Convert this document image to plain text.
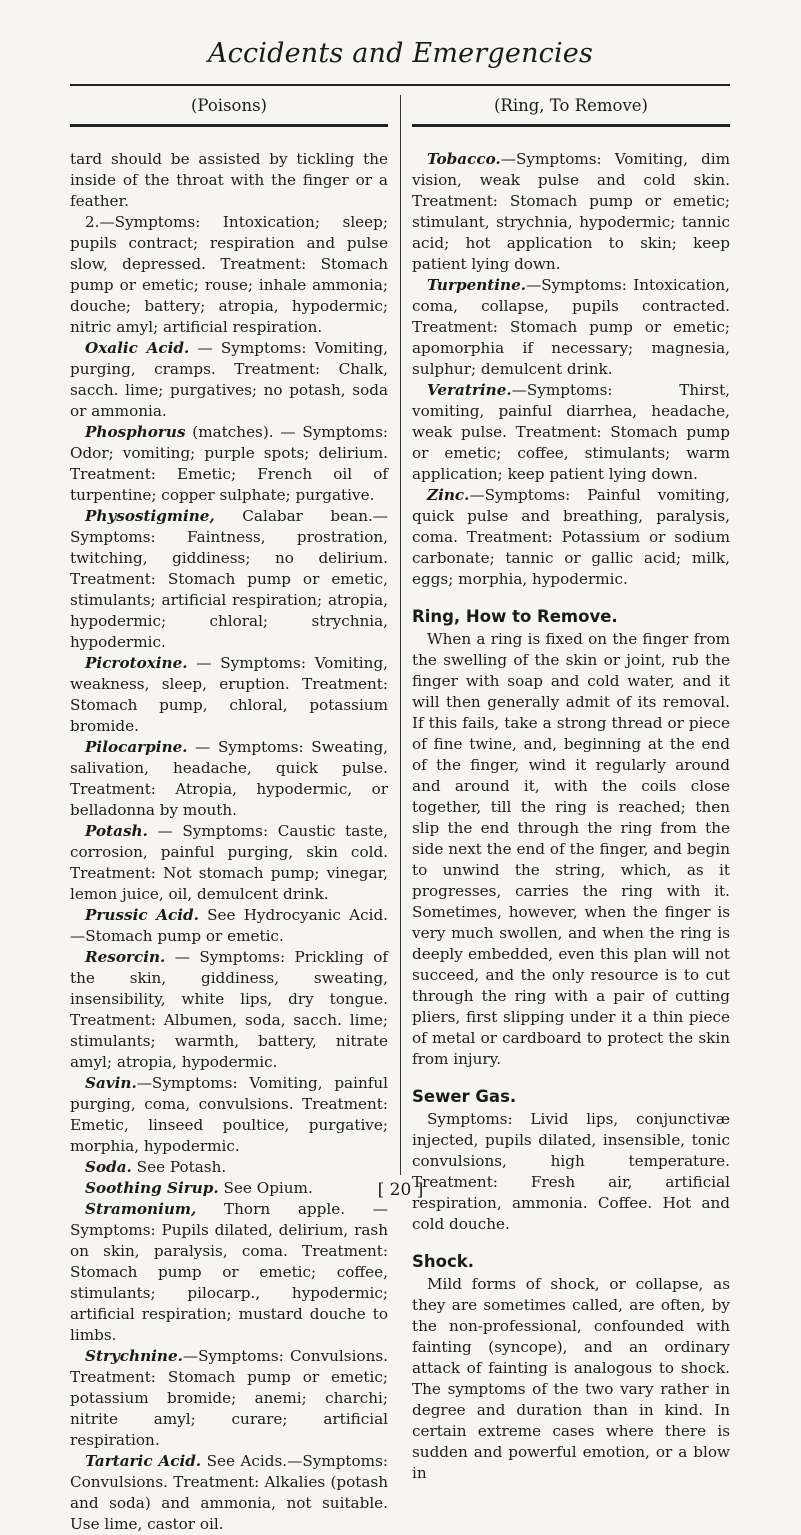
Accidents and Emergencies
(Poisons)

tard should be assisted by tickling the inside of the throat with the finger or a feather.

2.—Symptoms: Intoxication; sleep; pupils contract; respiration and pulse slow, depressed. Treatment: Stomach pump or emetic; rouse; inhale ammonia; douche; battery; atropia, hypodermic; nitric amyl; artificial respiration.

Oxalic Acid. — Symptoms: Vomiting, purging, cramps. Treatment: Chalk, sacch. lime; purgatives; no potash, soda or ammonia.

Phosphorus (matches). — Symptoms: Odor; vomiting; purple spots; delirium. Treatment: Emetic; French oil of turpentine; copper sulphate; purgative.

Physostigmine, Calabar bean.—Symptoms: Faintness, prostration, twitching, giddiness; no delirium. Treatment: Stomach pump or emetic, stimulants; artificial respiration; atropia, hypodermic; chloral; strychnia, hypodermic.

Picrotoxine. — Symptoms: Vomiting, weakness, sleep, eruption. Treatment: Stomach pump, chloral, potassium bromide.

Pilocarpine. — Symptoms: Sweating, salivation, headache, quick pulse. Treatment: Atropia, hypodermic, or belladonna by mouth.

Potash. — Symptoms: Caustic taste, corrosion, painful purging, skin cold. Treatment: Not stomach pump; vinegar, lemon juice, oil, demulcent drink.

Prussic Acid. See Hydrocyanic Acid. —Stomach pump or emetic.

Resorcin. — Symptoms: Prickling of the skin, giddiness, sweating, insensibility, white lips, dry tongue. Treatment: Albumen, soda, sacch. lime; stimulants; warmth, battery, nitrate amyl; atropia, hypodermic.

Savin.—Symptoms: Vomiting, painful purging, coma, convulsions. Treatment: Emetic, linseed poultice, purgative; morphia, hypodermic.

Soda. See Potash.

Soothing Sirup. See Opium.

Stramonium, Thorn apple. — Symptoms: Pupils dilated, delirium, rash on skin, paralysis, coma. Treatment: Stomach pump or emetic; coffee, stimulants; pilocarp., hypodermic; artificial respiration; mustard douche to limbs.

Strychnine.—Symptoms: Convulsions. Treatment: Stomach pump or emetic; potassium bromide; anemi; charchi; nitrite amyl; curare; artificial respiration.

Tartaric Acid. See Acids.—Symptoms: Convulsions. Treatment: Alkalies (potash and soda) and ammonia, not suitable. Use lime, castor oil.

(Ring, To Remove)

Tobacco.—Symptoms: Vomiting, dim vision, weak pulse and cold skin. Treatment: Stomach pump or emetic; stimulant, strychnia, hypodermic; tannic acid; hot application to skin; keep patient lying down.

Turpentine.—Symptoms: Intoxication, coma, collapse, pupils contracted. Treatment: Stomach pump or emetic; apomorphia if necessary; magnesia, sulphur; demulcent drink.

Veratrine.—Symptoms: Thirst, vomiting, painful diarrhea, headache, weak pulse. Treatment: Stomach pump or emetic; coffee, stimulants; warm application; keep patient lying down.

Zinc.—Symptoms: Painful vomiting, quick pulse and breathing, paralysis, coma. Treatment: Potassium or sodium carbonate; tannic or gallic acid; milk, eggs; morphia, hypodermic.

Ring, How to Remove.

When a ring is fixed on the finger from the swelling of the skin or joint, rub the finger with soap and cold water, and it will then generally admit of its removal. If this fails, take a strong thread or piece of fine twine, and, beginning at the end of the finger, wind it regularly around and around it, with the coils close together, till the ring is reached; then slip the end through the ring from the side next the end of the finger, and begin to unwind the string, which, as it progresses, carries the ring with it. Sometimes, however, when the finger is very much swollen, and when the ring is deeply embedded, even this plan will not succeed, and the only resource is to cut through the ring with a pair of cutting pliers, first slipping under it a thin piece of metal or cardboard to protect the skin from injury.

Sewer Gas.

Symptoms: Livid lips, conjunctivæ injected, pupils dilated, insensible, tonic convulsions, high temperature. Treatment: Fresh air, artificial respiration, ammonia. Coffee. Hot and cold douche.

Shock.

Mild forms of shock, or collapse, as they are sometimes called, are often, by the non-professional, confounded with fainting (syncope), and an ordinary attack of fainting is analogous to shock. The symptoms of the two vary rather in degree and duration than in kind. In certain extreme cases where there is sudden and powerful emotion, or a blow in

[ 20 ]
